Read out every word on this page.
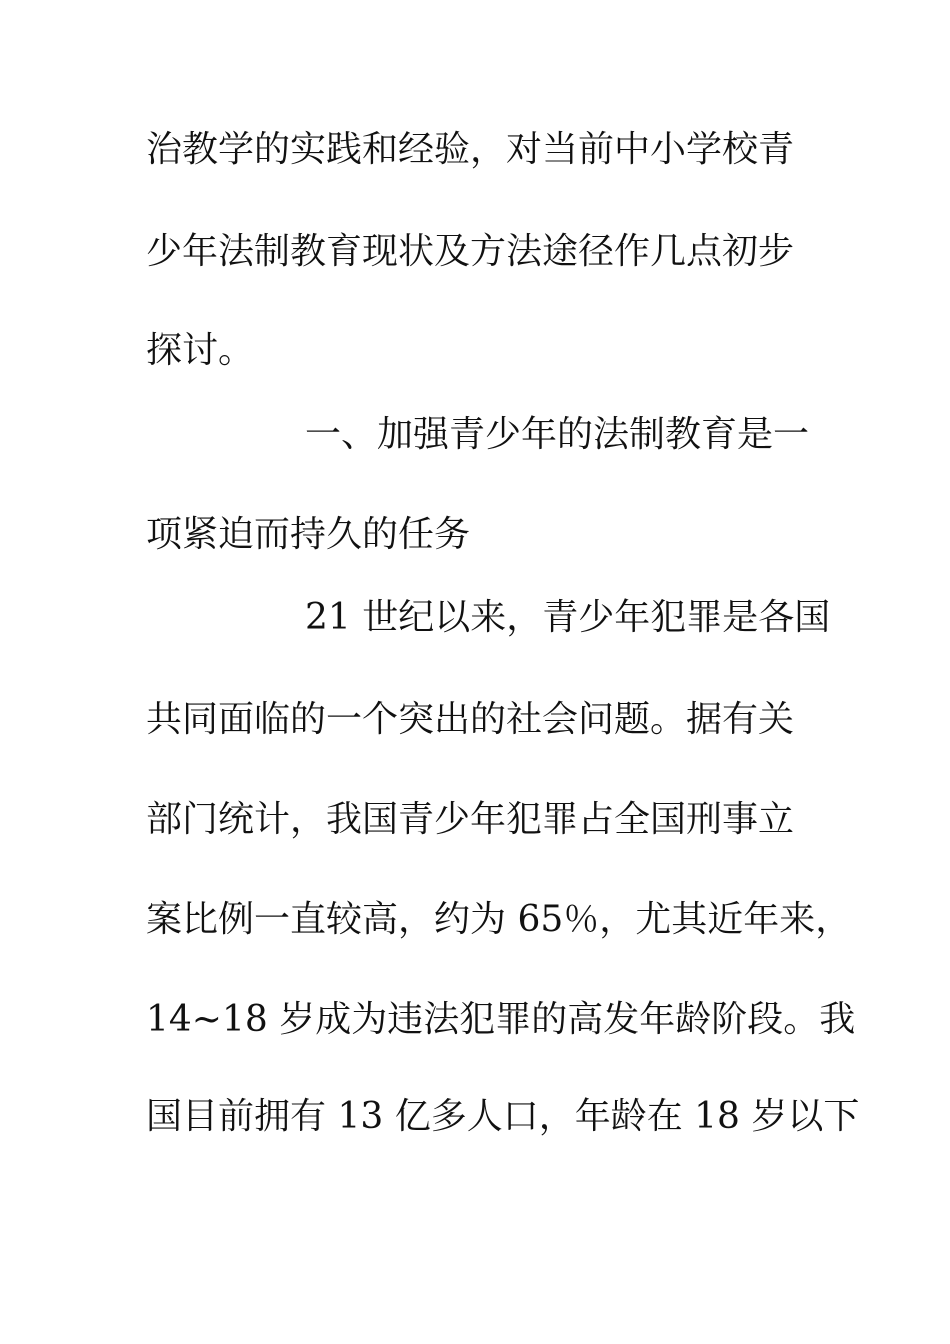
治教学的实践和经验，对当前中小学校青
少年法制教育现状及方法途径作几点初步
探讨。
一、加强青少年的法制教育是一
项紧迫而持久的任务
21 世纪以来，青少年犯罪是各国
共同面临的一个突出的社会问题。据有关
部门统计，我国青少年犯罪占全国刑事立
案比例一直较高，约为 65％，尤其近年来，
14~18 岁成为违法犯罪的高发年龄阶段。我
国目前拥有 13 亿多人口，年龄在 18 岁以下
